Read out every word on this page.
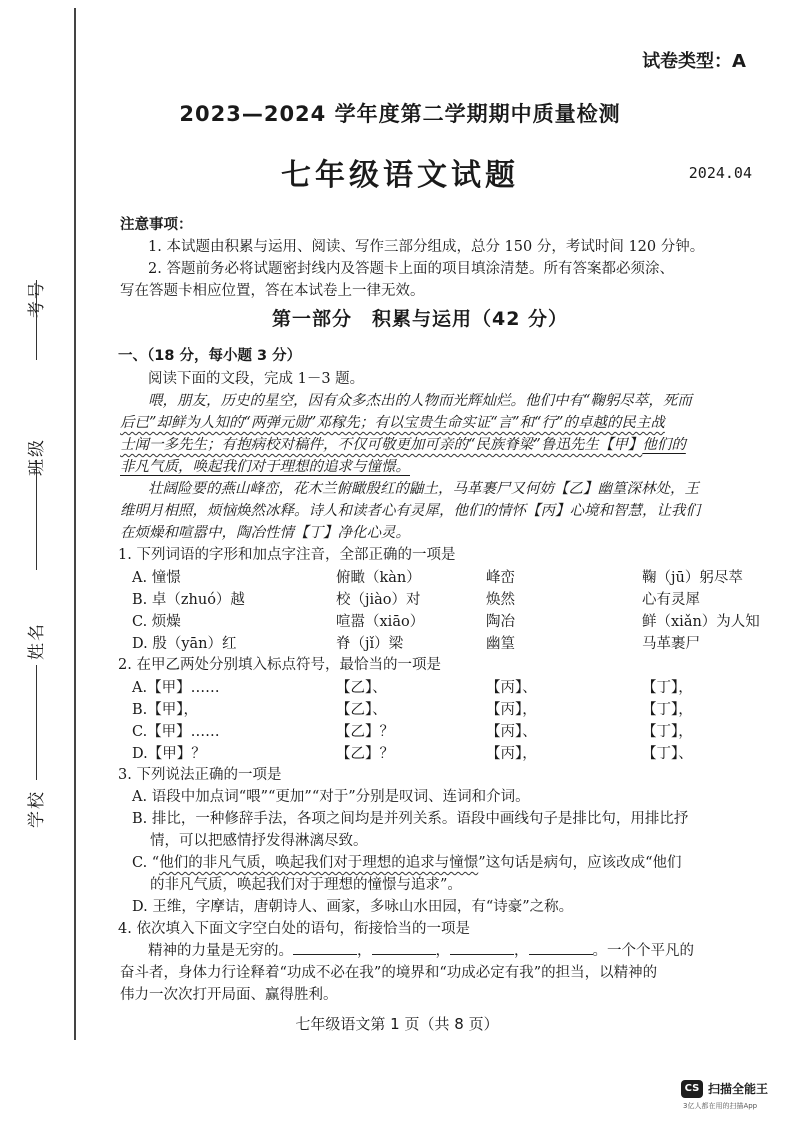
考号
班级
姓名
学校
试卷类型：A
2023—2024 学年度第二学期期中质量检测
七年级语文试题	2024.04
注意事项：
1. 本试题由积累与运用、阅读、写作三部分组成，总分 150 分，考试时间 120 分钟。
2. 答题前务必将试题密封线内及答题卡上面的项目填涂清楚。所有答案都必须涂、
写在答题卡相应位置，答在本试卷上一律无效。
第一部分　积累与运用（42 分）
一、（18 分，每小题 3 分）
阅读下面的文段，完成 1－3 题。
喂，朋友，历史的星空，因有众多杰出的人物而光辉灿烂。他们中有“鞠躬尽萃，死而
后已”却鲜为人知的“两弹元勋”邓稼先；有以宝贵生命实证“言”和“行”的卓越的民主战
士闻一多先生；有抱病校对稿件，不仅可敬更加可亲的“民族脊梁”鲁迅先生【甲】他们的
非凡气质，唤起我们对于理想的追求与憧憬。
壮阔险要的燕山峰峦，花木兰俯瞰殷红的鼬土，马革裹尸又何妨【乙】幽篁深林处，王
维明月相照，烦恼焕然冰释。诗人和读者心有灵犀，他们的情怀【丙】心境和智慧，让我们
在烦燥和喧嚣中，陶冶性情【丁】净化心灵。
1. 下列词语的字形和加点字注音，全部正确的一项是
A. 憧憬	俯瞰（kàn）	峰峦	鞠（jū）躬尽萃
B. 卓（zhuó）越	校（jiào）对	焕然	心有灵犀
C. 烦燥	喧嚣（xiāo）	陶冶	鲜（xiǎn）为人知
D. 殷（yān）红	脊（jǐ）梁	幽篁	马革裹尸
2. 在甲乙两处分别填入标点符号，最恰当的一项是
A.【甲】……	【乙】、	【丙】、	【丁】，
B.【甲】，	【乙】、	【丙】，	【丁】，
C.【甲】……	【乙】？	【丙】、	【丁】，
D.【甲】？	【乙】？	【丙】，	【丁】、
3. 下列说法正确的一项是
A. 语段中加点词“喂”“更加”“对于”分别是叹词、连词和介词。
B. 排比，一种修辞手法，各项之间均是并列关系。语段中画线句子是排比句，用排比抒
情，可以把感情抒发得淋漓尽致。
C. “他们的非凡气质，唤起我们对于理想的追求与憧憬”这句话是病句，应该改成“他们
的非凡气质，唤起我们对于理想的憧憬与追求”。
D. 王维，字摩诘，唐朝诗人、画家，多咏山水田园，有“诗豪”之称。
4. 依次填入下面文字空白处的语句，衔接恰当的一项是
精神的力量是无穷的。	，	，	，	。一个个平凡的
奋斗者，身体力行诠释着“功成不必在我”的境界和“功成必定有我”的担当，以精神的
伟力一次次打开局面、赢得胜利。
七年级语文第 1 页（共 8 页）
CS 扫描全能王
3亿人都在用的扫描App
